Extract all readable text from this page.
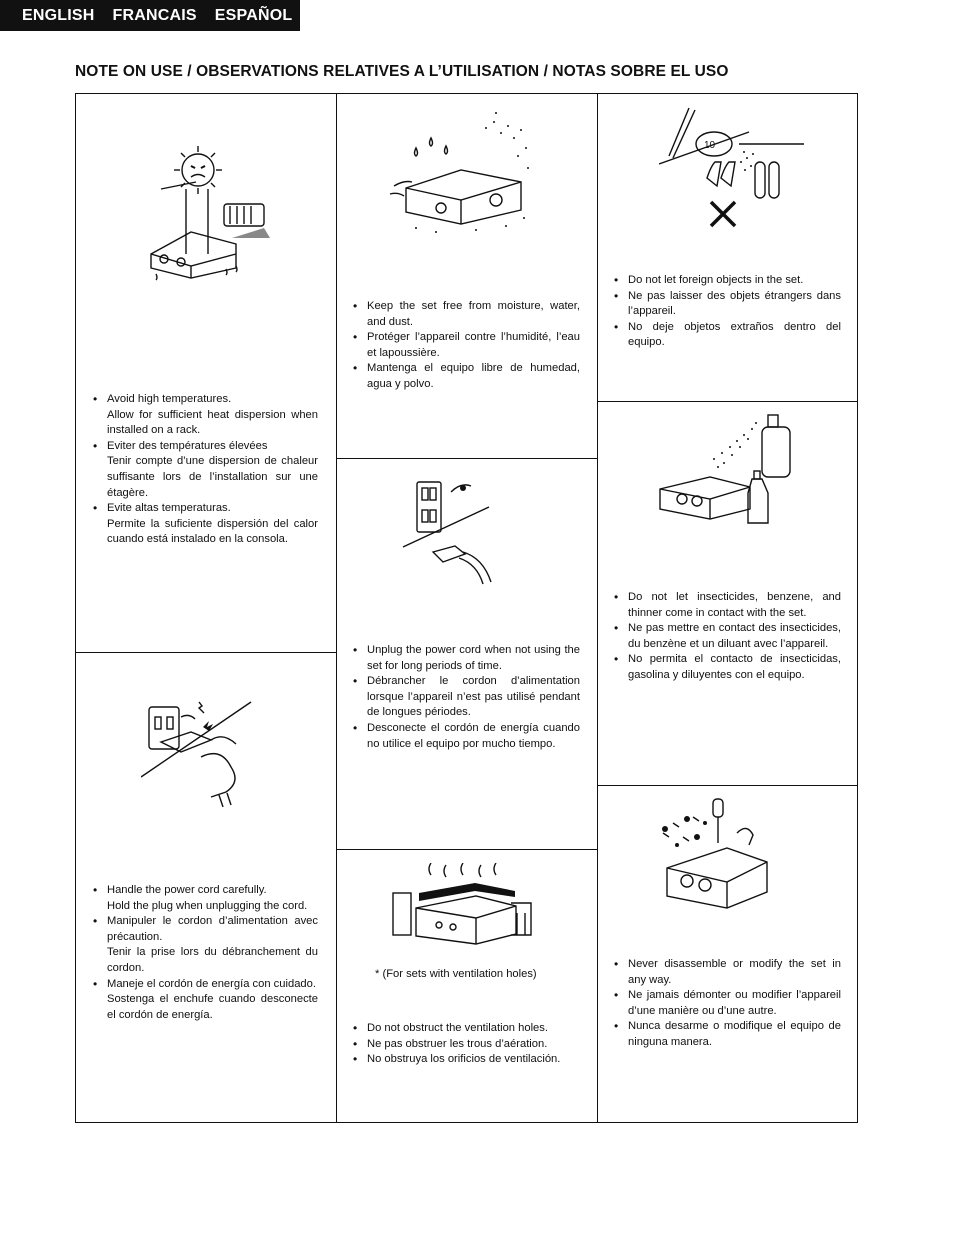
ENGLISH FRANCAIS ESPAÑOL
NOTE ON USE / OBSERVATIONS RELATIVES A L’UTILISATION / NOTAS SOBRE EL USO
• Avoid high temperatures.
Allow for sufficient heat dispersion when installed on a rack.
• Eviter des températures élevées
Tenir compte d’une dispersion de chaleur suffisante lors de l’installation sur une étagère.
• Evite altas temperaturas.
Permite la suficiente dispersión del calor cuando está instalado en la consola.
• Handle the power cord carefully.
Hold the plug when unplugging the cord.
• Manipuler le cordon d’alimentation avec précaution.
Tenir la prise lors du débranchement du cordon.
• Maneje el cordón de energía con cuidado.
Sostenga el enchufe cuando desconecte el cordón de energía.
• Keep the set free from moisture, water, and dust.
• Protéger l’appareil contre l’humidité, l’eau et lapoussière.
• Mantenga el equipo libre de humedad, agua y polvo.
• Unplug the power cord when not using the set for long periods of time.
• Débrancher le cordon d’alimentation lorsque l’appareil n’est pas utilisé pendant de longues périodes.
• Desconecte el cordón de energía cuando no utilice el equipo por mucho tiempo.
* (For sets with ventilation holes)
• Do not obstruct the ventilation holes.
• Ne pas obstruer les trous d’aération.
• No obstruya los orificios de ventilación.
10
• Do not let foreign objects in the set.
• Ne pas laisser des objets étrangers dans l’appareil.
• No deje objetos extraños dentro del equipo.
• Do not let insecticides, benzene, and thinner come in contact with the set.
• Ne pas mettre en contact des insecticides, du benzène et un diluant avec l’appareil.
• No permita el contacto de insecticidas, gasolina y diluyentes con el equipo.
• Never disassemble or modify the set in any way.
• Ne jamais démonter ou modifier l’appareil d’une manière ou d’une autre.
• Nunca desarme o modifique el equipo de ninguna manera.
